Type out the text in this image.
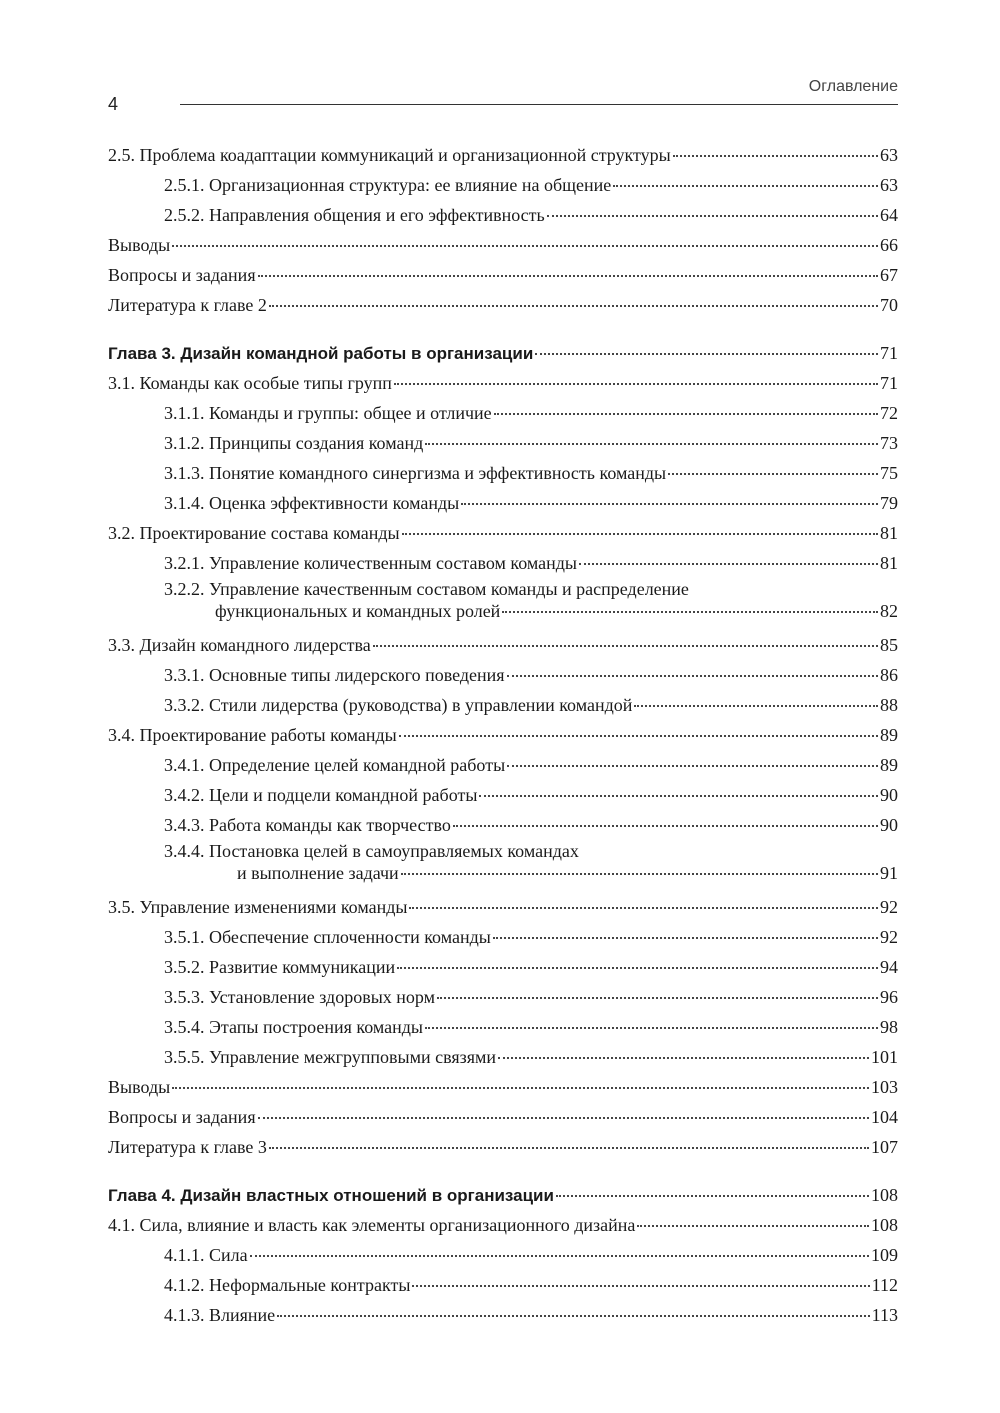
4
Оглавление
2.5. Проблема коадаптации коммуникаций и организационной структуры	63
2.5.1. Организационная структура: ее влияние на общение	63
2.5.2. Направления общения и его эффективность	64
Выводы	66
Вопросы и задания	67
Литература к главе 2	70
Глава 3. Дизайн командной работы в организации	71
3.1. Команды как особые типы групп	71
3.1.1. Команды и группы: общее и отличие	72
3.1.2. Принципы создания команд	73
3.1.3. Понятие командного синергизма и эффективность команды	75
3.1.4. Оценка эффективности команды	79
3.2. Проектирование состава команды	81
3.2.1. Управление количественным составом команды	81
3.2.2. Управление качественным составом команды и распределение
функциональных и командных ролей	82
3.3. Дизайн командного лидерства	85
3.3.1. Основные типы лидерского поведения	86
3.3.2. Стили лидерства (руководства) в управлении командой	88
3.4. Проектирование работы команды	89
3.4.1. Определение целей командной работы	89
3.4.2. Цели и подцели командной работы	90
3.4.3. Работа команды как творчество	90
3.4.4. Постановка целей в самоуправляемых командах
и выполнение задачи	91
3.5. Управление изменениями команды	92
3.5.1. Обеспечение сплоченности команды	92
3.5.2. Развитие коммуникации	94
3.5.3. Установление здоровых норм	96
3.5.4. Этапы построения команды	98
3.5.5. Управление межгрупповыми связями	101
Выводы	103
Вопросы и задания	104
Литература к главе 3	107
Глава 4. Дизайн властных отношений в организации	108
4.1. Сила, влияние и власть как элементы организационного дизайна	108
4.1.1. Сила	109
4.1.2. Неформальные контракты	112
4.1.3. Влияние	113
